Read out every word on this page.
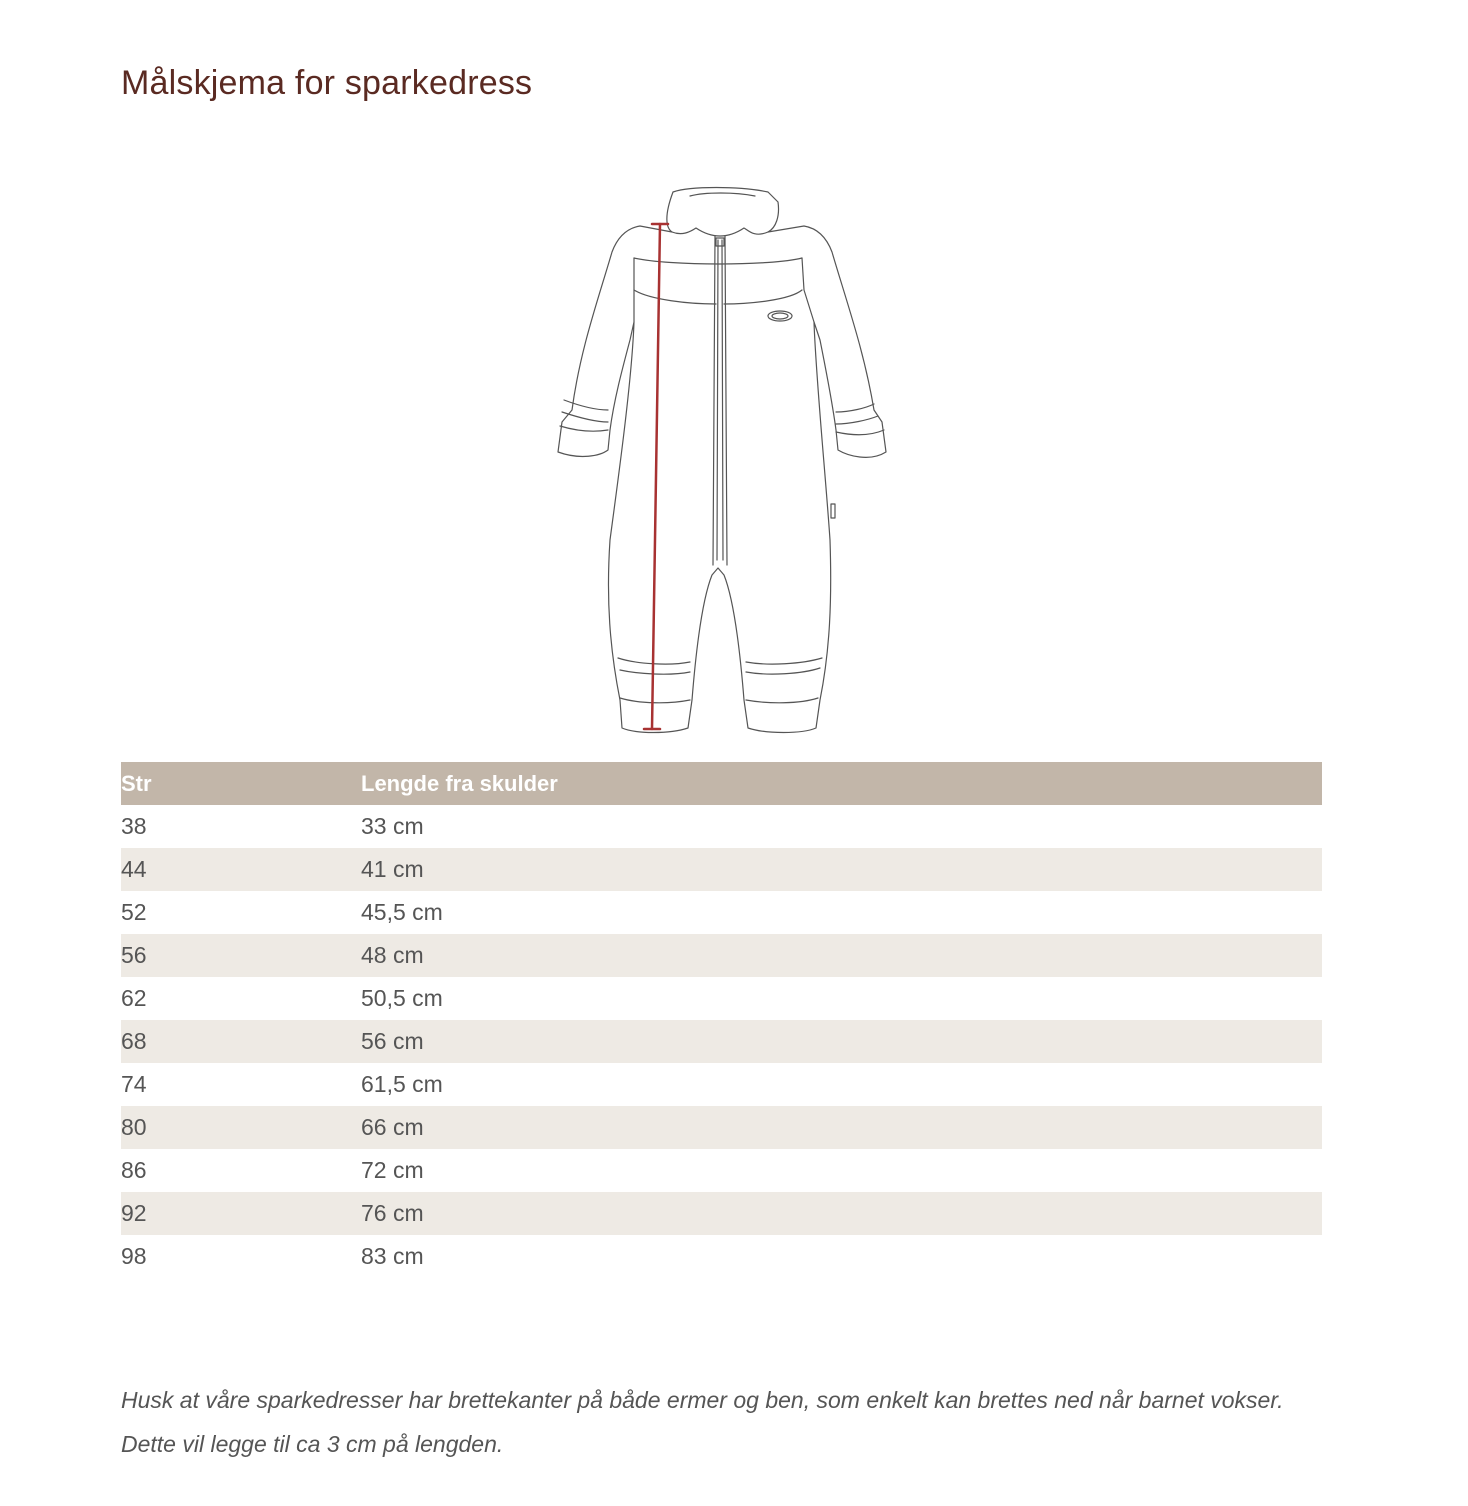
Målskjema for sparkedress
Str	Lengde fra skulder
38	33 cm
44	41 cm
52	45,5 cm
56	48 cm
62	50,5 cm
68	56 cm
74	61,5 cm
80	66 cm
86	72 cm
92	76 cm
98	83 cm

Husk at våre sparkedresser har brettekanter på både ermer og ben, som enkelt kan brettes ned når barnet vokser.
Dette vil legge til ca 3 cm på lengden.
